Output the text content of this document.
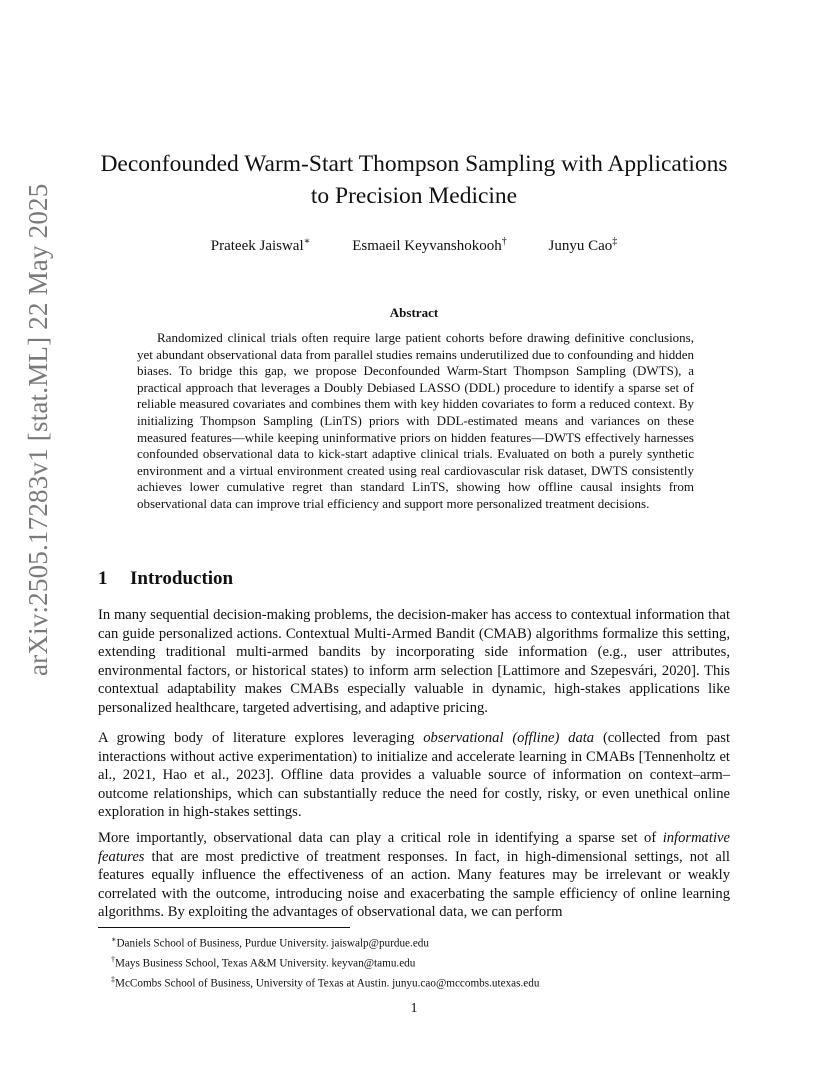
arXiv:2505.17283v1 [stat.ML] 22 May 2025
Deconfounded Warm-Start Thompson Sampling with Applications to Precision Medicine
Prateek Jaiswal∗	Esmaeil Keyvanshokooh†	Junyu Cao‡
Abstract
Randomized clinical trials often require large patient cohorts before drawing definitive conclusions, yet abundant observational data from parallel studies remains underutilized due to confounding and hidden biases. To bridge this gap, we propose Deconfounded Warm-Start Thompson Sampling (DWTS), a practical approach that leverages a Doubly Debiased LASSO (DDL) procedure to identify a sparse set of reliable measured covariates and combines them with key hidden covariates to form a reduced context. By initializing Thompson Sampling (LinTS) priors with DDL-estimated means and variances on these measured features—while keeping uninformative priors on hidden features—DWTS effectively harnesses confounded observational data to kick-start adaptive clinical trials. Evaluated on both a purely synthetic environment and a virtual environment created using real cardiovascular risk dataset, DWTS consistently achieves lower cumulative regret than standard LinTS, showing how offline causal insights from observational data can improve trial efficiency and support more personalized treatment decisions.
1 Introduction
In many sequential decision-making problems, the decision-maker has access to contextual information that can guide personalized actions. Contextual Multi-Armed Bandit (CMAB) algorithms formalize this setting, extending traditional multi-armed bandits by incorporating side information (e.g., user attributes, environmental factors, or historical states) to inform arm selection [Lattimore and Szepesvári, 2020]. This contextual adaptability makes CMABs especially valuable in dynamic, high-stakes applications like personalized healthcare, targeted advertising, and adaptive pricing.
A growing body of literature explores leveraging observational (offline) data (collected from past interactions without active experimentation) to initialize and accelerate learning in CMABs [Tennenholtz et al., 2021, Hao et al., 2023]. Offline data provides a valuable source of information on context–arm–outcome relationships, which can substantially reduce the need for costly, risky, or even unethical online exploration in high-stakes settings.
More importantly, observational data can play a critical role in identifying a sparse set of informative features that are most predictive of treatment responses. In fact, in high-dimensional settings, not all features equally influence the effectiveness of an action. Many features may be irrelevant or weakly correlated with the outcome, introducing noise and exacerbating the sample efficiency of online learning algorithms. By exploiting the advantages of observational data, we can perform
∗Daniels School of Business, Purdue University. jaiswalp@purdue.edu
†Mays Business School, Texas A&M University. keyvan@tamu.edu
‡McCombs School of Business, University of Texas at Austin. junyu.cao@mccombs.utexas.edu
1
